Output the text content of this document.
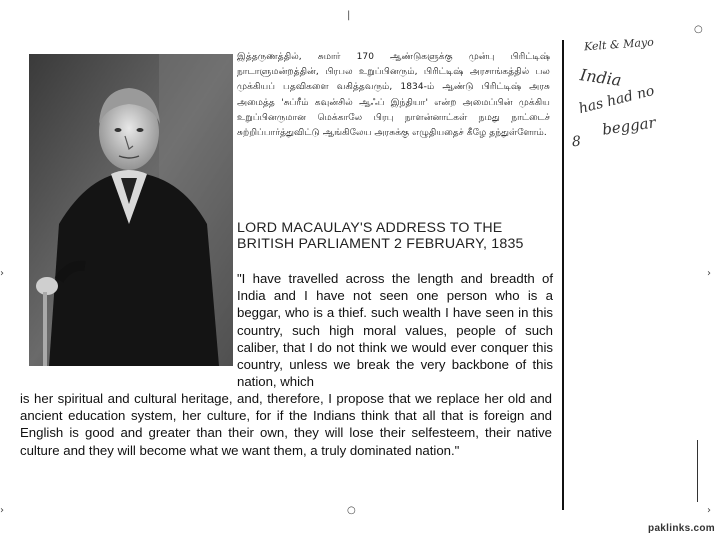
இத்தருணத்தில், சுமார் 170 ஆண்டுகளுக்கு முன்பு பிரிட்டிஷ் நாடாளுமன்றத்தின், பிரபல உறுப்பினரும், பிரிட்டிஷ் அரசாங்கத்தில் பல முக்கியப் பதவிகளை வகித்தவரும், 1834-ம் ஆண்டு பிரிட்டிஷ் அரசு அமைத்த 'சுப்ரீம் கவுன்சில் ஆஃப் இந்தியா' என்ற அமைப்பின் முக்கிய உறுப்பினருமான மெக்காலே பிரபு நாளன்னாட்கள் நமது நாட்டைச் சுற்றிப்பார்த்துவிட்டு ஆங்கிலேய அரசுக்கு எழுதியதைச் கீழே தந்துள்ளோம்.
LORD MACAULAY'S ADDRESS TO THE BRITISH PARLIAMENT 2 FEBRUARY, 1835
"I have travelled across the length and breadth of India and I have not seen one person who is a beggar, who is a thief. such wealth I have seen in this country, such high moral values, people of such caliber, that I do not think we would ever conquer this country, unless we break the very backbone of this nation, which
is her spiritual and cultural heritage, and, therefore, I propose that we replace her old and ancient education system, her culture, for if the Indians think that all that is foreign and English is good and greater than their own, they will lose their selfesteem, their native culture and they will become what we want them, a truly dominated nation."
Kelt & Mayo
India
has had no
beggar
8
|
○
›	›
›	○	›
paklinks.com
